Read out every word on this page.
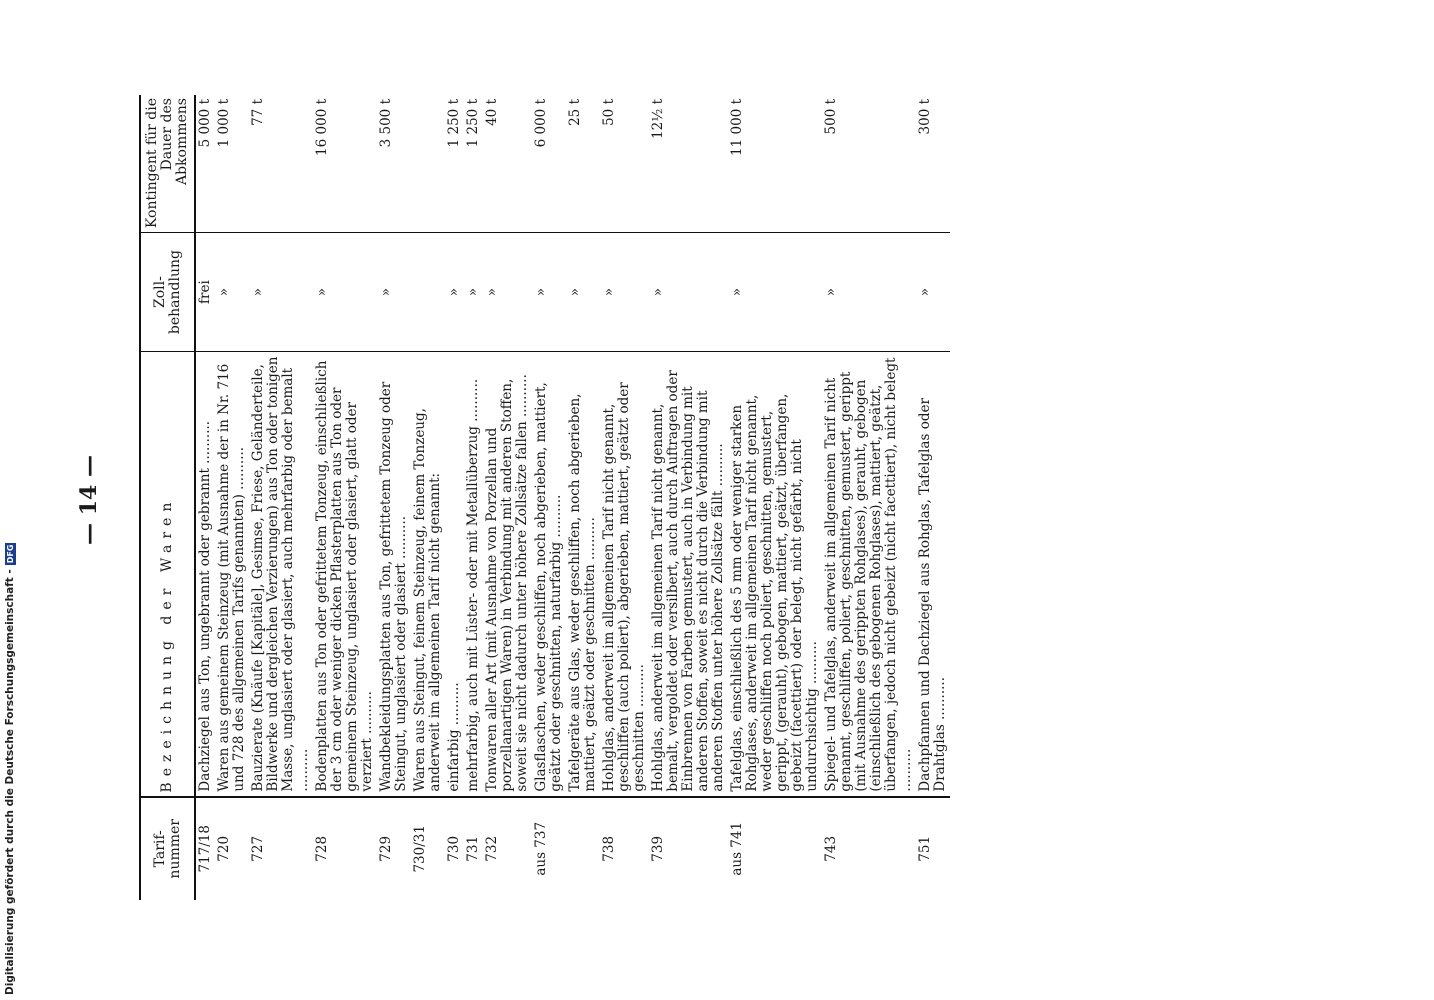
— 14 —
Tarif-nummer	Bezeichnung der Waren	Zoll-behandlung	Kontingent für die Dauer des Abkommens
717/18	Dachziegel aus Ton, ungebrannt oder gebrannt ..........	frei	5 000 t
720	Waren aus gemeinem Steinzeug (mit Ausnahme der in Nr. 716 und 728 des allgemeinen Tarifs genannten) ..........	»	1 000 t
727	Bauzierate (Knäufe [Kapitäle], Gesimse, Friese, Geländerteile, Bildwerke und dergleichen Verzierungen) aus Ton oder tonigen Masse, unglasiert oder glasiert, auch mehrfarbig oder bemalt ..........	»	77 t
728	Bodenplatten aus Ton oder gefrittetem Tonzeug, einschließlich der 3 cm oder weniger dicken Pflasterplatten aus Ton oder gemeinem Steinzeug, unglasiert oder glasiert, glatt oder verziert ..........	»	16 000 t
729	Wandbekleidungsplatten aus Ton, gefrittetem Tonzeug oder Steingut, unglasiert oder glasiert ..........	»	3 500 t
730/31	Waren aus Steingut, feinem Steinzeug, feinem Tonzeug, anderweit im allgemeinen Tarif nicht genannt:		
730	einfarbig ..........	»	1 250 t
731	mehrfarbig, auch mit Lüster- oder mit Metallüberzug ..........	»	1 250 t
732	Tonwaren aller Art (mit Ausnahme von Porzellan und porzellanartigen Waren) in Verbindung mit anderen Stoffen, soweit sie nicht dadurch unter höhere Zollsätze fallen ..........	»	40 t
aus 737	Glasflaschen, weder geschliffen, noch abgerieben, mattiert, geätzt oder geschnitten, naturfarbig ..........	»	6 000 t
	Tafelgeräte aus Glas, weder geschliffen, noch abgerieben, mattiert, geätzt oder geschnitten ..........	»	25 t
738	Hohlglas, anderweit im allgemeinen Tarif nicht genannt, geschliffen (auch poliert), abgerieben, mattiert, geätzt oder geschnitten ..........	»	50 t
739	Hohlglas, anderweit im allgemeinen Tarif nicht genannt, bemalt, vergoldet oder versilbert, auch durch Auftragen oder Einbrennen von Farben gemustert, auch in Verbindung mit anderen Stoffen, soweit es nicht durch die Verbindung mit anderen Stoffen unter höhere Zollsätze fällt ..........	»	12½ t
aus 741	Tafelglas, einschließlich des 5 mm oder weniger starken Rohglases, anderweit im allgemeinen Tarif nicht genannt, weder geschliffen noch poliert, geschnitten, gemustert, gerippt, (gerauht), gebogen, mattiert, geätzt, überfangen, gebeizt (facettiert) oder belegt, nicht gefärbt, nicht undurchsichtig ..........	»	11 000 t
743	Spiegel- und Tafelglas, anderweit im allgemeinen Tarif nicht genannt, geschliffen, poliert, geschnitten, gemustert, gerippt (mit Ausnahme des gerippten Rohglases), gerauht, gebogen (einschließlich des gebogenen Rohglases), mattiert, geätzt, überfangen, jedoch nicht gebeizt (nicht facettiert), nicht belegt ..........	»	500 t
751	Dachpfannen und Dachziegel aus Rohglas, Tafelglas oder Drahtglas ..........	»	300 t
Digitalisierung gefördert durch die Deutsche Forschungsgemeinschaft -DFG
